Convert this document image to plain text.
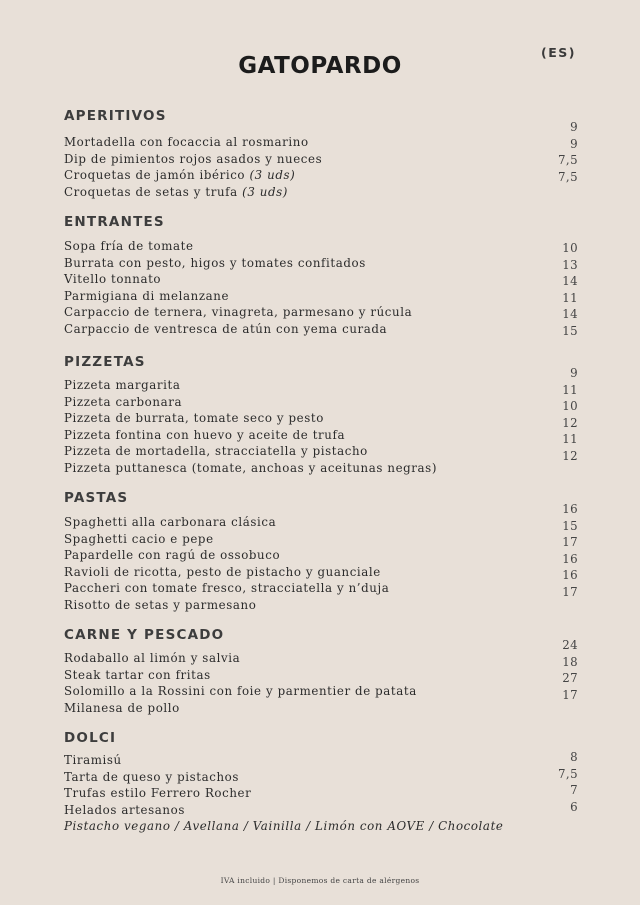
GATOPARDO
(ES)
APERITIVOS
Mortadella con focaccia al rosmarino
Dip de pimientos rojos asados y nueces
Croquetas de jamón ibérico (3 uds)
Croquetas de setas y trufa (3 uds)
9
9
7,5
7,5
ENTRANTES
Sopa fría de tomate
Burrata con pesto, higos y tomates confitados
Vitello tonnato
Parmigiana di melanzane
Carpaccio de ternera, vinagreta, parmesano y rúcula
Carpaccio de ventresca de atún con yema curada
10
13
14
11
14
15
PIZZETAS
Pizzeta margarita
Pizzeta carbonara
Pizzeta de burrata, tomate seco y pesto
Pizzeta fontina con huevo y aceite de trufa
Pizzeta de mortadella, stracciatella y pistacho
Pizzeta puttanesca (tomate, anchoas y aceitunas negras)
9
11
10
12
11
12
PASTAS
Spaghetti alla carbonara clásica
Spaghetti cacio e pepe
Papardelle con ragú de ossobuco
Ravioli de ricotta, pesto de pistacho y guanciale
Paccheri con tomate fresco, stracciatella y n’duja
Risotto de setas y parmesano
16
15
17
16
16
17
CARNE Y PESCADO
Rodaballo al limón y salvia
Steak tartar con fritas
Solomillo a la Rossini con foie y parmentier de patata
Milanesa de pollo
24
18
27
17
DOLCI
Tiramisú
Tarta de queso y pistachos
Trufas estilo Ferrero Rocher
Helados artesanos
Pistacho vegano / Avellana / Vainilla / Limón con AOVE / Chocolate
8
7,5
7
6
IVA incluido | Disponemos de carta de alérgenos
